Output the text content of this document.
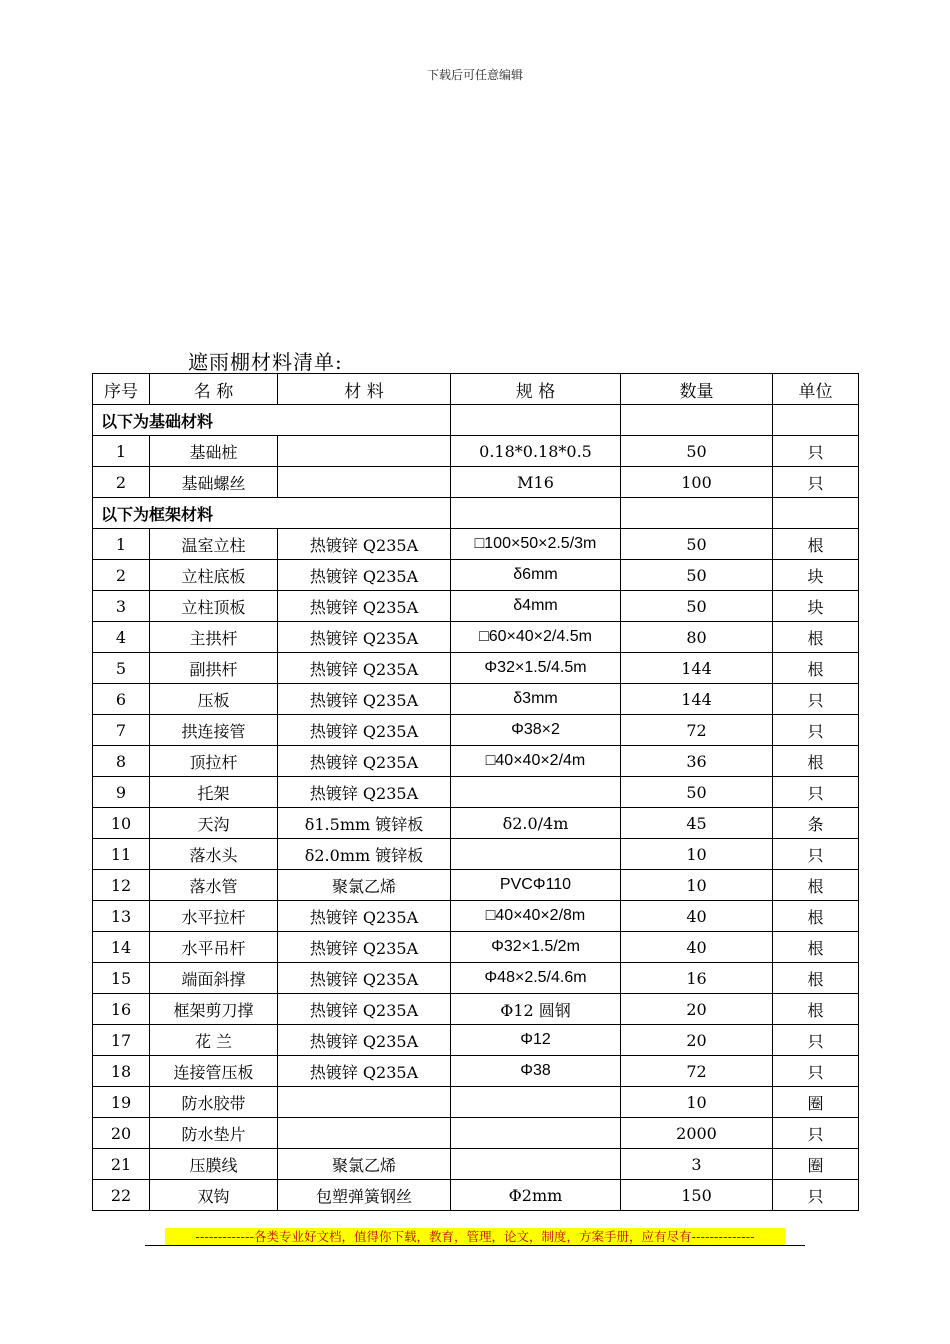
下载后可任意编辑
遮雨棚材料清单:
序号	名 称	材 料	规 格	数量	单位
以下为基础材料					
1	基础桩		0.18*0.18*0.5	50	只
2	基础螺丝		M16	100	只
以下为框架材料					
1	温室立柱	热镀锌 Q235A	□100×50×2.5/3m	50	根
2	立柱底板	热镀锌 Q235A	δ6mm	50	块
3	立柱顶板	热镀锌 Q235A	δ4mm	50	块
4	主拱杆	热镀锌 Q235A	□60×40×2/4.5m	80	根
5	副拱杆	热镀锌 Q235A	Φ32×1.5/4.5m	144	根
6	压板	热镀锌 Q235A	δ3mm	144	只
7	拱连接管	热镀锌 Q235A	Φ38×2	72	只
8	顶拉杆	热镀锌 Q235A	□40×40×2/4m	36	根
9	托架	热镀锌 Q235A		50	只
10	天沟	δ1.5mm 镀锌板	δ2.0/4m	45	条
11	落水头	δ2.0mm 镀锌板		10	只
12	落水管	聚氯乙烯	PVCΦ110	10	根
13	水平拉杆	热镀锌 Q235A	□40×40×2/8m	40	根
14	水平吊杆	热镀锌 Q235A	Φ32×1.5/2m	40	根
15	端面斜撑	热镀锌 Q235A	Φ48×2.5/4.6m	16	根
16	框架剪刀撑	热镀锌 Q235A	Φ12 圆钢	20	根
17	花 兰	热镀锌 Q235A	Φ12	20	只
18	连接管压板	热镀锌 Q235A	Φ38	72	只
19	防水胶带			10	圈
20	防水垫片			2000	只
21	压膜线	聚氯乙烯		3	圈
22	双钩	包塑弹簧钢丝	Φ2mm	150	只
-------------各类专业好文档，值得你下载，教育，管理，论文，制度，方案手册，应有尽有--------------
